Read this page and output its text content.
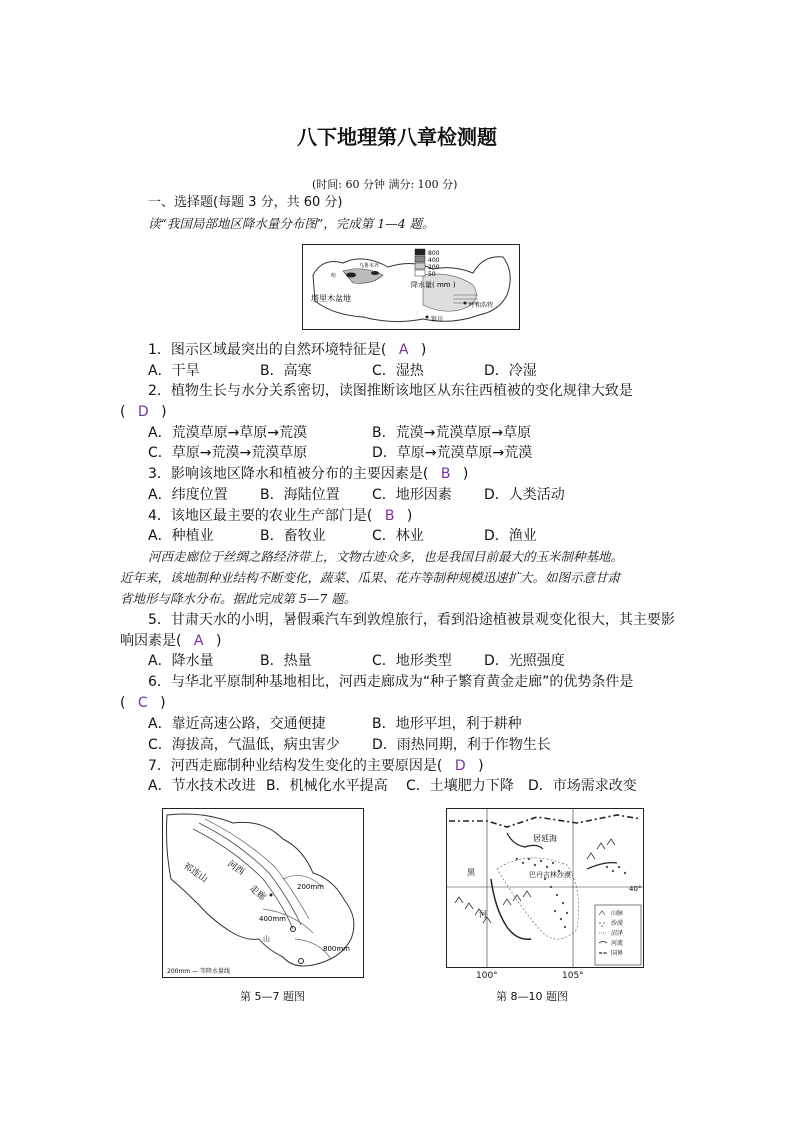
八下地理第八章检测题
(时间: 60 分钟 满分: 100 分)
一、选择题(每题 3 分，共 60 分)
读“我国局部地区降水量分布图”，完成第 1—4 题。
800
400
200
50
降水量( mm )
塔里木盆地
呼和浩特
银川
乌鲁木齐
哈
1．图示区域最突出的自然环境特征是( A )
A．干旱	B．高寒	C．湿热	D．冷湿
2．植物生长与水分关系密切，读图推断该地区从东往西植被的变化规律大致是
( D )
A．荒漠草原→草原→荒漠	B．荒漠→荒漠草原→草原
C．草原→荒漠→荒漠草原	D．草原→荒漠草原→荒漠
3．影响该地区降水和植被分布的主要因素是( B )
A．纬度位置 B．海陆位置 C．地形因素 D．人类活动
4．该地区最主要的农业生产部门是( B )
A．种植业	B．畜牧业	C．林业	D．渔业
河西走廊位于丝绸之路经济带上，文物古迹众多，也是我国目前最大的玉米制种基地。
近年来，该地制种业结构不断变化，蔬菜、瓜果、花卉等制种规模迅速扩大。如图示意甘肃
省地形与降水分布。据此完成第 5—7 题。
5．甘肃天水的小明，暑假乘汽车到敦煌旅行，看到沿途植被景观变化很大，其主要影
响因素是( A )
A．降水量	B．热量	C．地形类型 D．光照强度
6．与华北平原制种基地相比，河西走廊成为“种子繁育黄金走廊”的优势条件是
( C )
A．靠近高速公路，交通便捷	B．地形平坦，利于耕种
C．海拔高，气温低，病虫害少 D．雨热同期，利于作物生长
7．河西走廊制种业结构发生变化的主要原因是( D )
A．节水技术改进 B．机械化水平提高 C．土壤肥力下降 D．市场需求改变
祁连山
走廊
河西
200mm
400mm
800mm
山
200mm — 等降水量线
第 5—7 题图
居延海
巴丹吉林沙漠
黑
河
40°
山脉
沙漠
沼泽
河流
国界
100°	105°
第 8—10 题图
